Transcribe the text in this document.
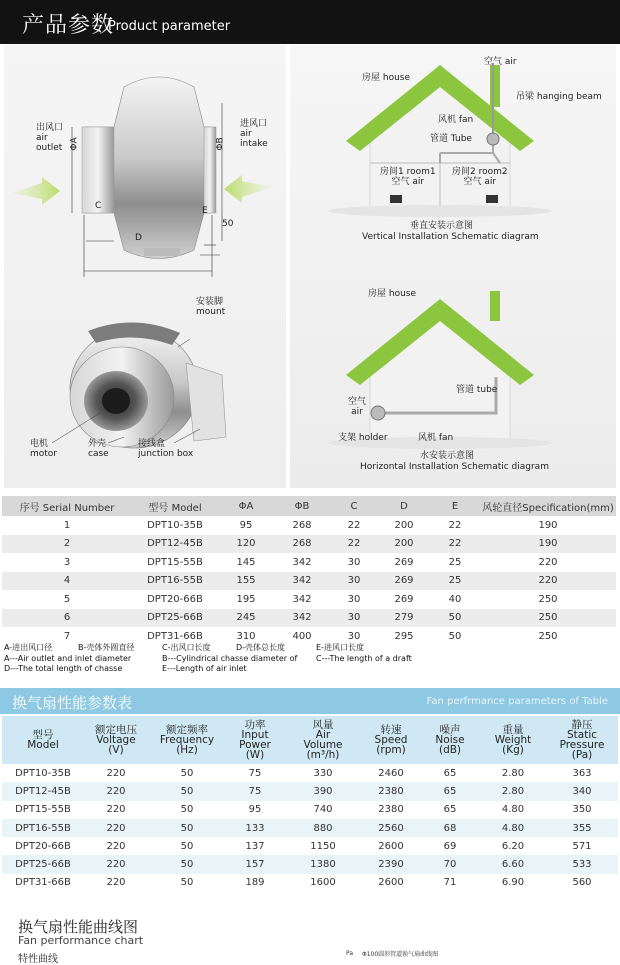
产品参数
Product parameter
出风口
air
outlet
进风口
air
intake
ΦA	ΦB
C
D
E
50
安装脚
mount
电机
motor
外壳
case
接线盒
junction box
空气 air
房屋 house
吊梁 hanging beam
风机 fan
管道 Tube
房间1 room1
空气 air
房间2 room2
空气 air
垂直安装示意图
Vertical Installation Schematic diagram
房屋 house
管道 tube
空气
air
支架 holder	风机 fan
水安装示意图
Horizontal Installation Schematic diagram
序号 Serial Number	型号 Model	ΦA	ΦB	C	D	E	风轮直径Specification(mm)
1	DPT10-35B	95	268	22	200	22	190
2	DPT12-45B	120	268	22	200	22	190
3	DPT15-55B	145	342	30	269	25	220
4	DPT16-55B	155	342	30	269	25	220
5	DPT20-66B	195	342	30	269	40	250
6	DPT25-66B	245	342	30	279	50	250
7	DPT31-66B	310	400	30	295	50	250
A-进出风口径	B-壳体外圆直径	C-出风口长度	D-壳体总长度	E-进风口长度
A---Air outlet and inlet diameter	B---Cylindrical chasse diameter of C---The length of a draft
D---The total length of chasse	E---Length of air inlet
换气扇性能参数表	Fan perfrmance parameters of Table
型号
Model	额定电压
Voltage
(V)	额定频率
Frequency
(Hz)	功率
Input
Power
(W)	风量
Air
Volume
(m³/h)	转速
Speed
(rpm)	噪声
Noise
(dB)	重量
Weight
(Kg)	静压
Static
Pressure
(Pa)

DPT10-35B	220	50	75	330	2460	65	2.80	363
DPT12-45B	220	50	75	390	2380	65	2.80	340
DPT15-55B	220	50	95	740	2380	65	4.80	350
DPT16-55B	220	50	133	880	2560	68	4.80	355
DPT20-66B	220	50	137	1150	2600	69	6.20	571
DPT25-66B	220	50	157	1380	2390	70	6.60	533
DPT31-66B	220	50	189	1600	2600	71	6.90	560
换气扇性能曲线图
Fan performance chart
特性曲线
Pa Φ100圆形管道换气扇曲线图
